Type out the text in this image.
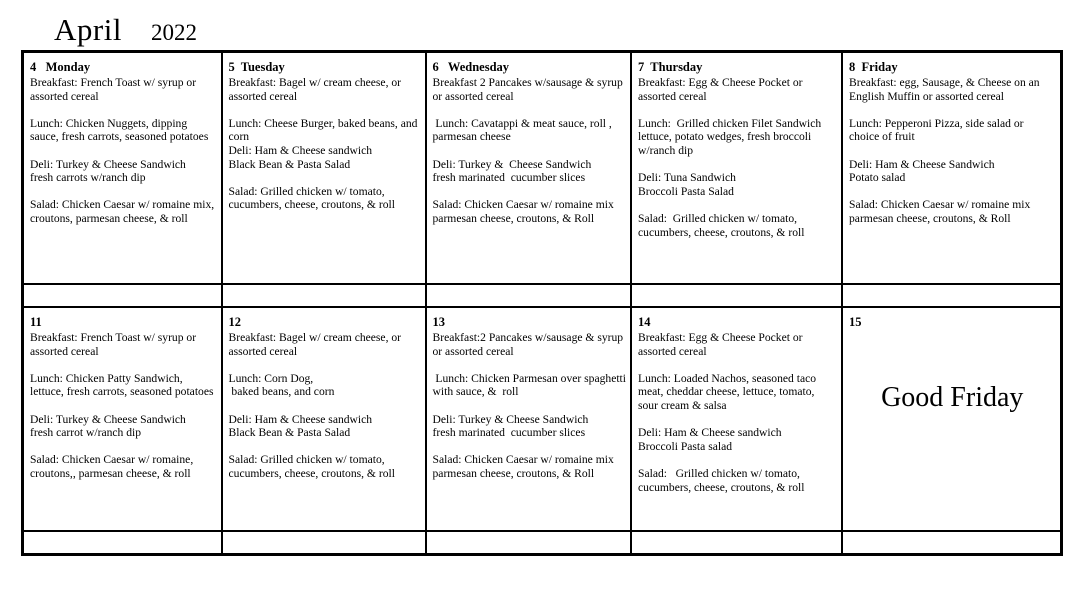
April 2022
4   Monday
Breakfast: French Toast w/ syrup or
assorted cereal
Lunch: Chicken Nuggets, dipping
sauce, fresh carrots, seasoned potatoes
Deli: Turkey & Cheese Sandwich
fresh carrots w/ranch dip
Salad: Chicken Caesar w/ romaine mix,
croutons, parmesan cheese, & roll

5  Tuesday
Breakfast: Bagel w/ cream cheese, or
assorted cereal
Lunch: Cheese Burger, baked beans, and
corn
Deli: Ham & Cheese sandwich
Black Bean & Pasta Salad
Salad: Grilled chicken w/ tomato,
cucumbers, cheese, croutons, & roll

6   Wednesday
Breakfast 2 Pancakes w/sausage & syrup
or assorted cereal
Lunch: Cavatappi & meat sauce, roll ,
parmesan cheese
Deli: Turkey &  Cheese Sandwich
fresh marinated  cucumber slices
Salad: Chicken Caesar w/ romaine mix
parmesan cheese, croutons, & Roll

7  Thursday
Breakfast: Egg & Cheese Pocket or
assorted cereal
Lunch:  Grilled chicken Filet Sandwich
lettuce, potato wedges, fresh broccoli
w/ranch dip
Deli: Tuna Sandwich
Broccoli Pasta Salad
Salad:  Grilled chicken w/ tomato,
cucumbers, cheese, croutons, & roll

8  Friday
Breakfast: egg, Sausage, & Cheese on an
English Muffin or assorted cereal
Lunch: Pepperoni Pizza, side salad or
choice of fruit
Deli: Ham & Cheese Sandwich
Potato salad
Salad: Chicken Caesar w/ romaine mix
parmesan cheese, croutons, & Roll

11
Breakfast: French Toast w/ syrup or
assorted cereal
Lunch: Chicken Patty Sandwich,
lettuce, fresh carrots, seasoned potatoes
Deli: Turkey & Cheese Sandwich
fresh carrot w/ranch dip
Salad: Chicken Caesar w/ romaine,
croutons,, parmesan cheese, & roll

12
Breakfast: Bagel w/ cream cheese, or
assorted cereal
Lunch: Corn Dog,
baked beans, and corn
Deli: Ham & Cheese sandwich
Black Bean & Pasta Salad
Salad: Grilled chicken w/ tomato,
cucumbers, cheese, croutons, & roll

13
Breakfast:2 Pancakes w/sausage & syrup
or assorted cereal
Lunch: Chicken Parmesan over spaghetti
with sauce, &  roll
Deli: Turkey & Cheese Sandwich
fresh marinated  cucumber slices
Salad: Chicken Caesar w/ romaine mix
parmesan cheese, croutons, & Roll

14
Breakfast: Egg & Cheese Pocket or
assorted cereal
Lunch: Loaded Nachos, seasoned taco
meat, cheddar cheese, lettuce, tomato,
sour cream & salsa
Deli: Ham & Cheese sandwich
Broccoli Pasta salad
Salad:   Grilled chicken w/ tomato,
cucumbers, cheese, croutons, & roll

15
Good Friday
